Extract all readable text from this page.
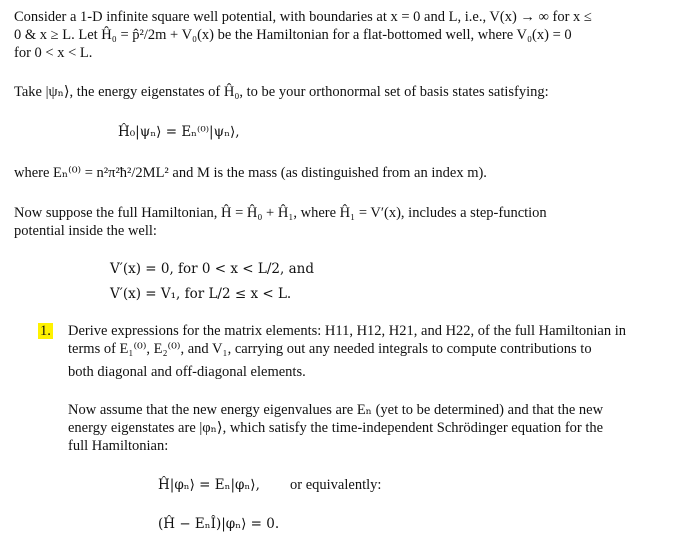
Consider a 1-D infinite square well potential, with boundaries at x = 0 and L, i.e., V(x) → ∞ for x ≤
0 & x ≥ L. Let Ĥ₀ = p̂²/2m + V₀(x) be the Hamiltonian for a flat-bottomed well, where V₀(x) = 0
for 0 < x < L.
Take |ψₙ⟩, the energy eigenstates of Ĥ₀, to be your orthonormal set of basis states satisfying:
Ĥ₀|ψₙ⟩ = Eₙ⁽⁰⁾|ψₙ⟩,
where Eₙ⁽⁰⁾ = n²π²ħ²/2ML² and M is the mass (as distinguished from an index m).
Now suppose the full Hamiltonian, Ĥ = Ĥ₀ + Ĥ₁, where Ĥ₁ = V′(x), includes a step-function
potential inside the well:
V′(x) = 0, for 0 < x < L/2, and
V′(x) = V₁, for L/2 ≤ x < L.
1. Derive expressions for the matrix elements: H11, H12, H21, and H22, of the full Hamiltonian in
terms of E₁⁽⁰⁾, E₂⁽⁰⁾, and V₁, carrying out any needed integrals to compute contributions to
both diagonal and off-diagonal elements.
Now assume that the new energy eigenvalues are Eₙ (yet to be determined) and that the new
energy eigenstates are |φₙ⟩, which satisfy the time-independent Schrödinger equation for the
full Hamiltonian:
Ĥ|φₙ⟩ = Eₙ|φₙ⟩, or equivalently:
(Ĥ − EₙÎ)|φₙ⟩ = 0.
